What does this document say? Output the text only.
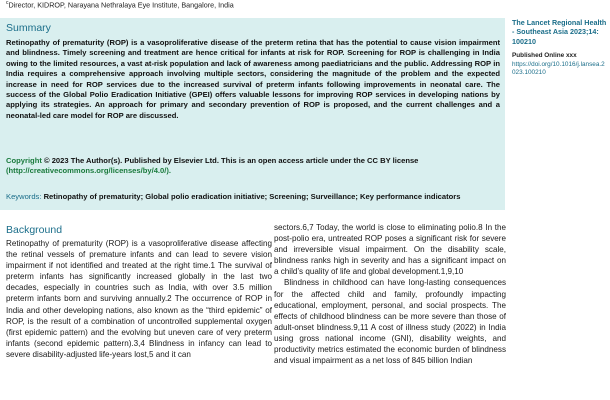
$^c$Director, KIDROP, Narayana Nethralaya Eye Institute, Bangalore, India
Summary

Retinopathy of prematurity (ROP) is a vasoproliferative disease of the preterm retina that has the potential to cause vision impairment and blindness. Timely screening and treatment are hence critical for infants at risk for ROP. Screening for ROP is challenging in India owing to the limited resources, a vast at-risk population and lack of awareness among paediatricians and the public. Addressing ROP in India requires a comprehensive approach involving multiple sectors, considering the magnitude of the problem and the expected increase in need for ROP services due to the increased survival of preterm infants following improvements in neonatal care. The success of the Global Polio Eradication Initiative (GPEI) offers valuable lessons for improving ROP services in developing nations by applying its strategies. An approach for primary and secondary prevention of ROP is proposed, and the current challenges and a neonatal-led care model for ROP are discussed.

Copyright © 2023 The Author(s). Published by Elsevier Ltd. This is an open access article under the CC BY license (http://creativecommons.org/licenses/by/4.0/).

Keywords: Retinopathy of prematurity; Global polio eradication initiative; Screening; Surveillance; Key performance indicators

The Lancet Regional Health - Southeast Asia 2023;14: 100210
Published Online xxx
https://doi.org/10.1016/j.lansea.2023.100210
Background

Retinopathy of prematurity (ROP) is a vasoproliferative disease affecting the retinal vessels of premature infants and can lead to severe vision impairment if not identified and treated at the right time.1 The survival of preterm infants has significantly increased globally in the last two decades, especially in countries such as India, with over 3.5 million preterm infants born and surviving annually.2 The occurrence of ROP in India and other developing nations, also known as the “third epidemic” of ROP, is the result of a combination of uncontrolled supplemental oxygen (first epidemic pattern) and the evolving but uneven care of very preterm infants (second epidemic pattern).3,4 Blindness in infancy can lead to severe disability-adjusted life-years lost,5 and it can

sectors.6,7 Today, the world is close to eliminating polio.8 In the post-polio era, untreated ROP poses a significant risk for severe and irreversible visual impairment. On the disability scale, blindness ranks high in severity and has a significant impact on a child’s quality of life and global development.1,9,10

Blindness in childhood can have long-lasting consequences for the affected child and family, profoundly impacting educational, employment, personal, and social prospects. The effects of childhood blindness can be more severe than those of adult-onset blindness.9,11 A cost of illness study (2022) in India using gross national income (GNI), disability weights, and productivity metrics estimated the economic burden of blindness and visual impairment as a net loss of 845 billion Indian
